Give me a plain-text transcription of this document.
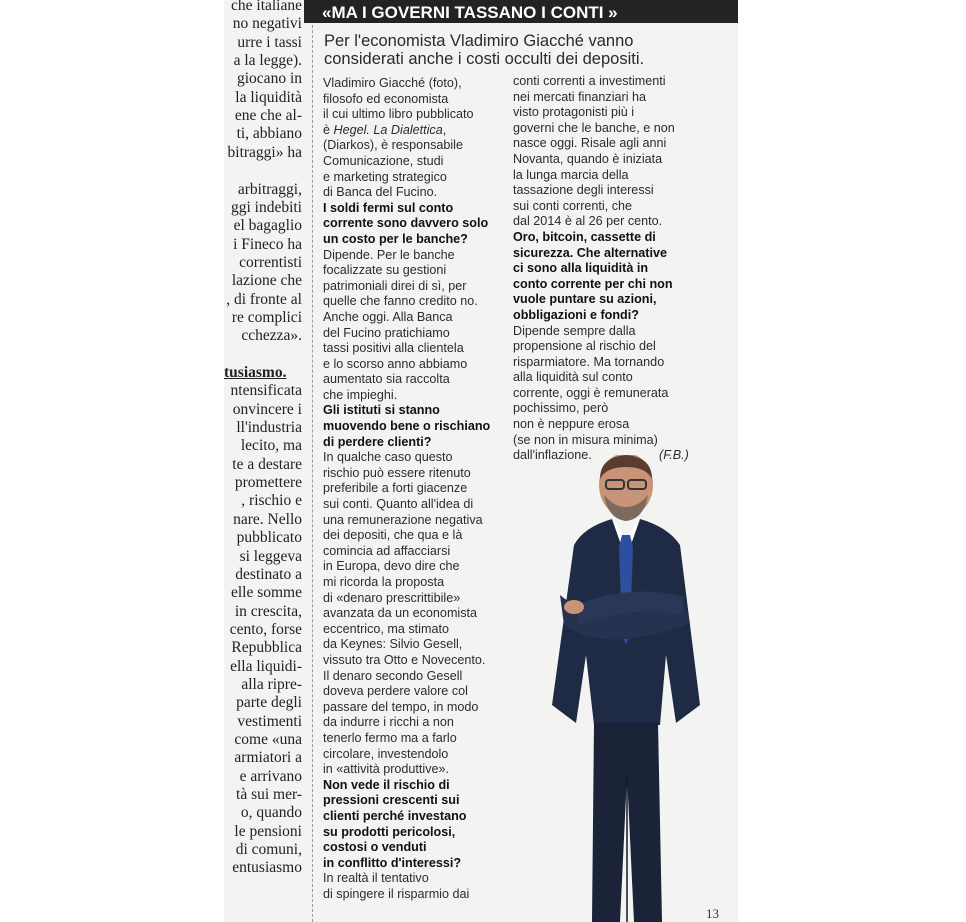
che italiane
no negativi
urre i tassi
a la legge).
giocano in
la liquidità
ene che al-
ti, abbiano
bitraggi» ha
arbitraggi,
ggi indebiti
el bagaglio
i Fineco ha
correntisti
lazione che
, di fronte al
re complici
cchezza».
tusiasmo.
ntensificata
onvincere i
ll'industria
lecito, ma
te a destare
promettere
, rischio e
nare. Nello
pubblicato
si leggeva
destinato a
elle somme
in crescita,
cento, forse
Repubblica
ella liquidi-
alla ripre-
parte degli
vestimenti
come «una
armiatori a
e arrivano
tà sui mer-
o, quando
le pensioni
di comuni,
entusiasmo
«MA I GOVERNI TASSANO I CONTI »
Per l'economista Vladimiro Giacché vanno
considerati anche i costi occulti dei depositi.
Vladimiro Giacché (foto),
filosofo ed economista
il cui ultimo libro pubblicato
è Hegel. La Dialettica,
(Diarkos), è responsabile
Comunicazione, studi
e marketing strategico
di Banca del Fucino.
I soldi fermi sul conto
corrente sono davvero solo
un costo per le banche?
Dipende. Per le banche
focalizzate su gestioni
patrimoniali direi di sì, per
quelle che fanno credito no.
Anche oggi. Alla Banca
del Fucino pratichiamo
tassi positivi alla clientela
e lo scorso anno abbiamo
aumentato sia raccolta
che impieghi.
Gli istituti si stanno
muovendo bene o rischiano
di perdere clienti?
In qualche caso questo
rischio può essere ritenuto
preferibile a forti giacenze
sui conti. Quanto all'idea di
una remunerazione negativa
dei depositi, che qua e là
comincia ad affacciarsi
in Europa, devo dire che
mi ricorda la proposta
di «denaro prescrittibile»
avanzata da un economista
eccentrico, ma stimato
da Keynes: Silvio Gesell,
vissuto tra Otto e Novecento.
Il denaro secondo Gesell
doveva perdere valore col
passare del tempo, in modo
da indurre i ricchi a non
tenerlo fermo ma a farlo
circolare, investendolo
in «attività produttive».
Non vede il rischio di
pressioni crescenti sui
clienti perché investano
su prodotti pericolosi,
costosi o venduti
in conflitto d'interessi?
In realtà il tentativo
di spingere il risparmio dai
conti correnti a investimenti
nei mercati finanziari ha
visto protagonisti più i
governi che le banche, e non
nasce oggi. Risale agli anni
Novanta, quando è iniziata
la lunga marcia della
tassazione degli interessi
sui conti correnti, che
dal 2014 è al 26 per cento.
Oro, bitcoin, cassette di
sicurezza. Che alternative
ci sono alla liquidità in
conto corrente per chi non
vuole puntare su azioni,
obbligazioni e fondi?
Dipende sempre dalla
propensione al rischio del
risparmiatore. Ma tornando
alla liquidità sul conto
corrente, oggi è remunerata
pochissimo, però
non è neppure erosa
(se non in misura minima)
dall'inflazione.	(F.B.)
13
